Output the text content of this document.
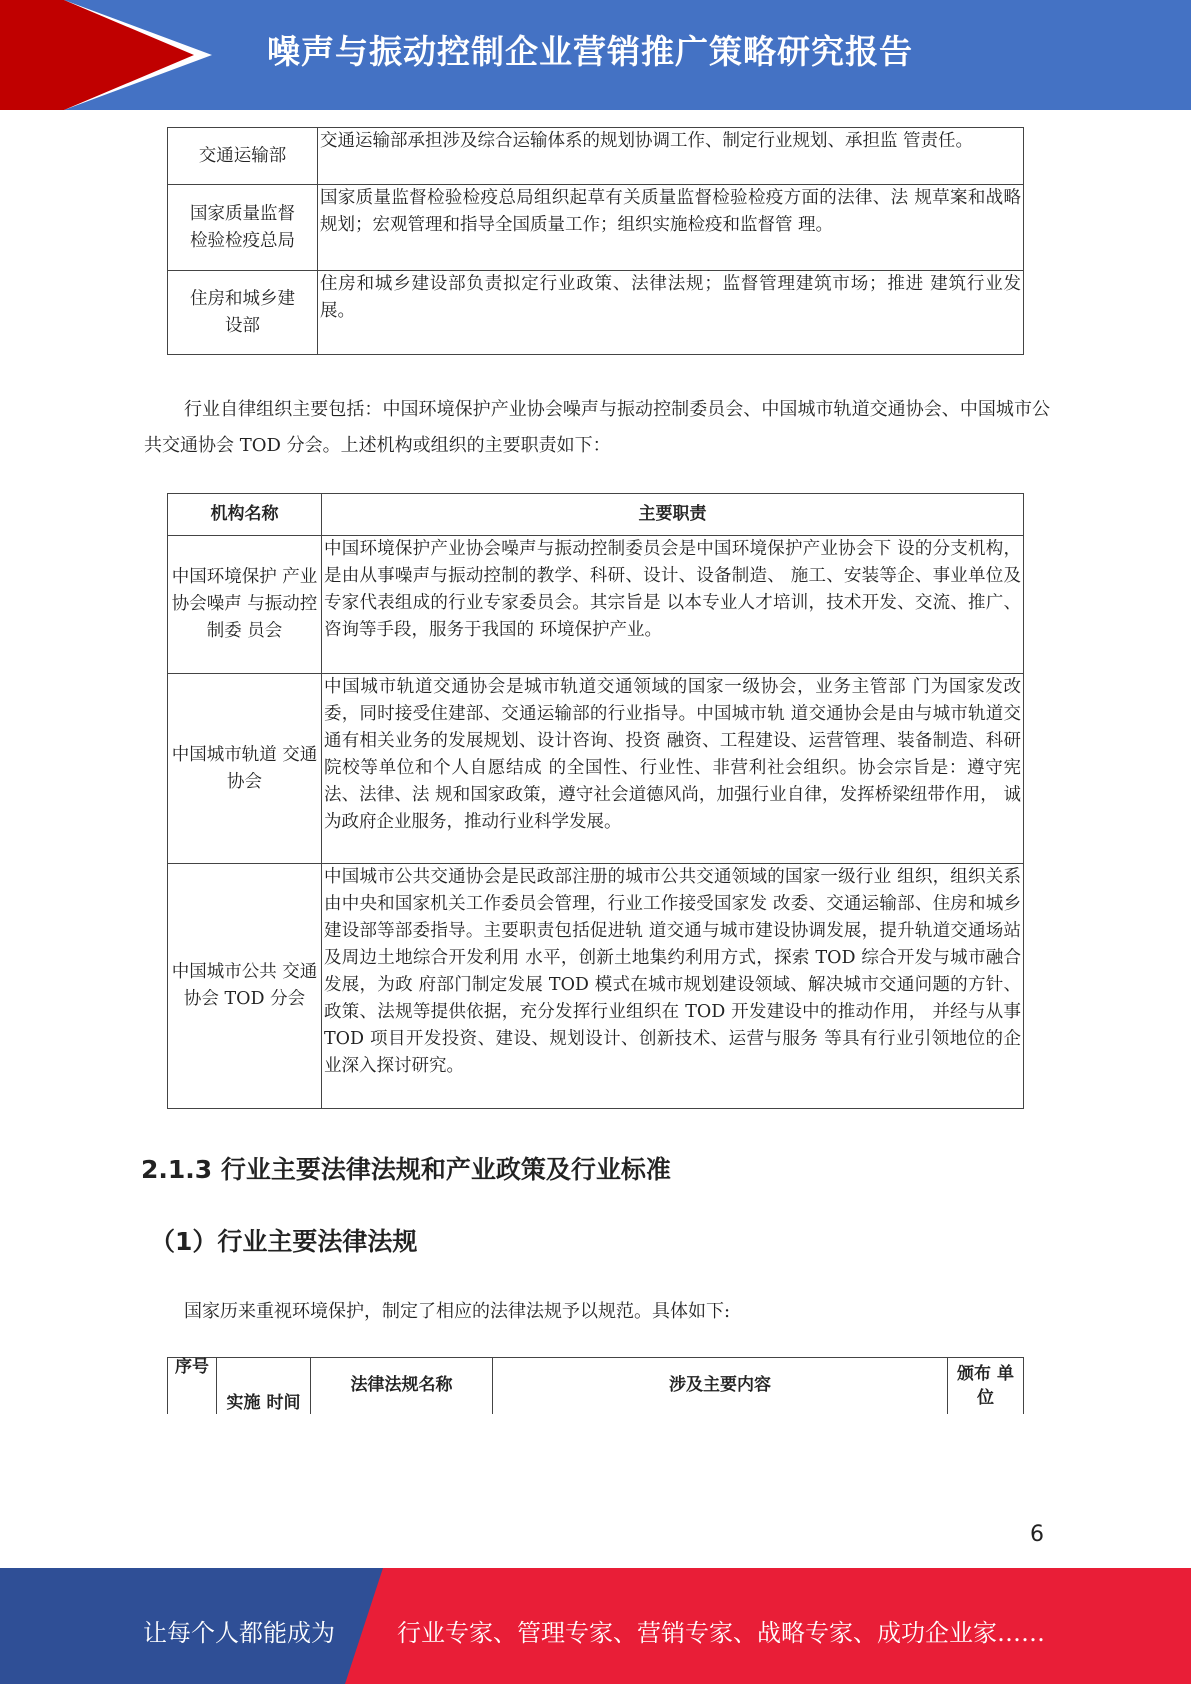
噪声与振动控制企业营销推广策略研究报告
交通运输部	交通运输部承担涉及综合运输体系的规划协调工作、制定行业规划、承担监 管责任。
国家质量监督检验检疫总局	国家质量监督检验检疫总局组织起草有关质量监督检验检疫方面的法律、法 规草案和战略规划；宏观管理和指导全国质量工作；组织实施检疫和监督管 理。
住房和城乡建设部	住房和城乡建设部负责拟定行业政策、法律法规；监督管理建筑市场；推进 建筑行业发展。
行业自律组织主要包括：中国环境保护产业协会噪声与振动控制委员会、中国城市轨道交通协会、中国城市公共交通协会 TOD 分会。上述机构或组织的主要职责如下：
机构名称	主要职责
中国环境保护 产业协会噪声 与振动控制委 员会	中国环境保护产业协会噪声与振动控制委员会是中国环境保护产业协会下 设的分支机构，是由从事噪声与振动控制的教学、科研、设计、设备制造、 施工、安装等企、事业单位及专家代表组成的行业专家委员会。其宗旨是 以本专业人才培训，技术开发、交流、推广、咨询等手段，服务于我国的 环境保护产业。
中国城市轨道 交通协会	中国城市轨道交通协会是城市轨道交通领域的国家一级协会，业务主管部 门为国家发改委，同时接受住建部、交通运输部的行业指导。中国城市轨 道交通协会是由与城市轨道交通有相关业务的发展规划、设计咨询、投资 融资、工程建设、运营管理、装备制造、科研院校等单位和个人自愿结成 的全国性、行业性、非营利社会组织。协会宗旨是：遵守宪法、法律、法 规和国家政策，遵守社会道德风尚，加强行业自律，发挥桥梁纽带作用， 诚为政府企业服务，推动行业科学发展。
中国城市公共 交通协会 TOD 分会	中国城市公共交通协会是民政部注册的城市公共交通领域的国家一级行业 组织，组织关系由中央和国家机关工作委员会管理，行业工作接受国家发 改委、交通运输部、住房和城乡建设部等部委指导。主要职责包括促进轨 道交通与城市建设协调发展，提升轨道交通场站及周边土地综合开发利用 水平，创新土地集约利用方式，探索 TOD 综合开发与城市融合发展，为政 府部门制定发展 TOD 模式在城市规划建设领域、解决城市交通问题的方针、 政策、法规等提供依据，充分发挥行业组织在 TOD 开发建设中的推动作用， 并经与从事 TOD 项目开发投资、建设、规划设计、创新技术、运营与服务 等具有行业引领地位的企业深入探讨研究。
2.1.3 行业主要法律法规和产业政策及行业标准
（1）行业主要法律法规
国家历来重视环境保护，制定了相应的法律法规予以规范。具体如下:
序号	实施 时间	法律法规名称	涉及主要内容	颁布 单位
6
让每个人都能成为	行业专家、管理专家、营销专家、战略专家、成功企业家……
